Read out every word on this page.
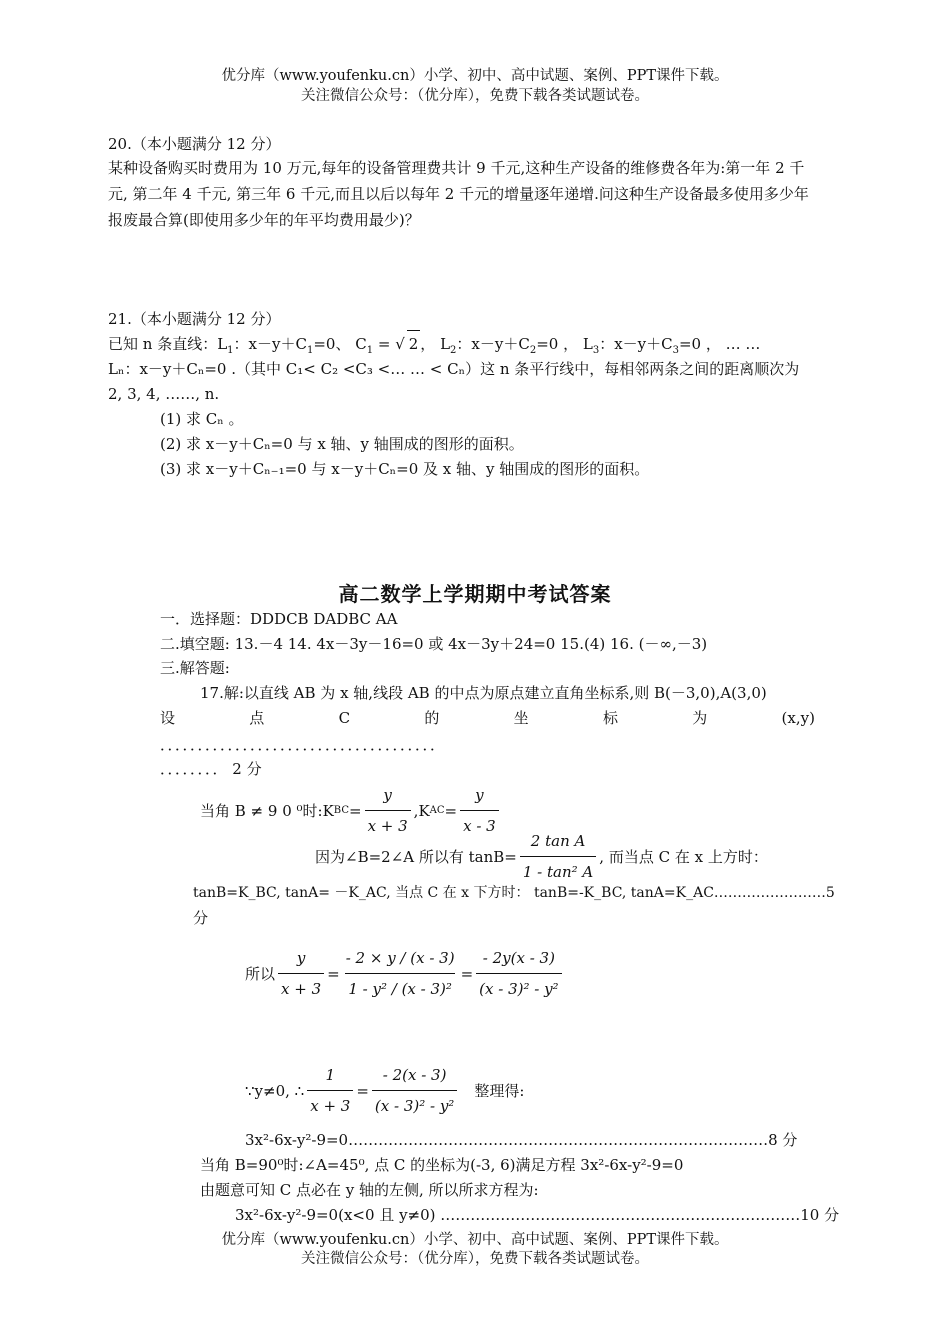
优分库（www.youfenku.cn）小学、初中、高中试题、案例、PPT课件下载。
关注微信公众号：（优分库），免费下载各类试题试卷。
20.（本小题满分 12 分）
某种设备购买时费用为 10 万元,每年的设备管理费共计 9 千元,这种生产设备的维修费各年为:第一年 2 千元, 第二年 4 千元, 第三年 6 千元,而且以后以每年 2 千元的增量逐年递增.问这种生产设备最多使用多少年报废最合算(即使用多少年的年平均费用最少)？
21.（本小题满分 12 分）
已知 n 条直线：$L_1$：$x-y+C_1=0$、 $C_1$ = √ 2 ， $L_2$：$x-y+C_2=0$ ， $L_3$：$x-y+C_3=0$ ， … …
Lₙ：x－y＋Cₙ=0 .（其中 C₁< C₂ <C₃ <… … < Cₙ）这 n 条平行线中，每相邻两条之间的距离顺次为
2, 3, 4, ……, n.
(1) 求 Cₙ 。
(2) 求 x－y＋Cₙ=0 与 x 轴、y 轴围成的图形的面积。
(3) 求 x－y＋Cₙ₋₁=0 与 x－y＋Cₙ=0 及 x 轴、y 轴围成的图形的面积。
高二数学上学期期中考试答案
一．选择题：DDDCB DADBC AA
二.填空题: 13.－4 14. 4x－3y－16=0 或 4x－3y＋24=0 15.(4) 16. (－∞,－3)
三.解答题:
17.解:以直线 AB 为 x 轴,线段 AB 的中点为原点建立直角坐标系,则 B(－3,0),A(3,0)
设	点	C	的	坐	标	为	(x,y)
．．．．．．．．．．．．．．．．．．．．．．．．．．．．．．．．．．．．．
．．．．．．．． 2 分
当角 B ≠ 9 0 ⁰时:K BC = $\frac{y}{x + 3} ,K$ AC = $\frac{y}{x - 3}$
因为∠B=2∠A 所以有 $\tan B= \frac{\text{2 tan A}}{\text{1 - tan² A}}$ , 而当点 C 在 x 上方时：
tanB=K_BC, tanA= －K_AC, 当点 C 在 x 下方时： tanB=-K_BC, tanA=K_AC……………………5
分
所以 $\frac{y}{x + 3} = \frac{- 2 \times y / (x - 3)}{\text{1 - y² / (x - 3)²}} = \frac{- 2y(x - 3)}{\text{(x - 3)² - y²}}$
∵y≠0, ∴ $\frac{1}{x + 3} = \frac{- 2(x - 3)}{\text{(x - 3)² - y²}}$ 整理得:
3x²-6x-y²-9=0…………………………………………………………………………8 分
当角 B=90⁰时:∠A=45⁰, 点 C 的坐标为(-3, 6)满足方程 3x²-6x-y²-9=0
由题意可知 C 点必在 y 轴的左侧, 所以所求方程为:
3x²-6x-y²-9=0(x<0 且 y≠0) ………………………………………………………………10 分
优分库（www.youfenku.cn）小学、初中、高中试题、案例、PPT课件下载。
关注微信公众号：（优分库），免费下载各类试题试卷。
